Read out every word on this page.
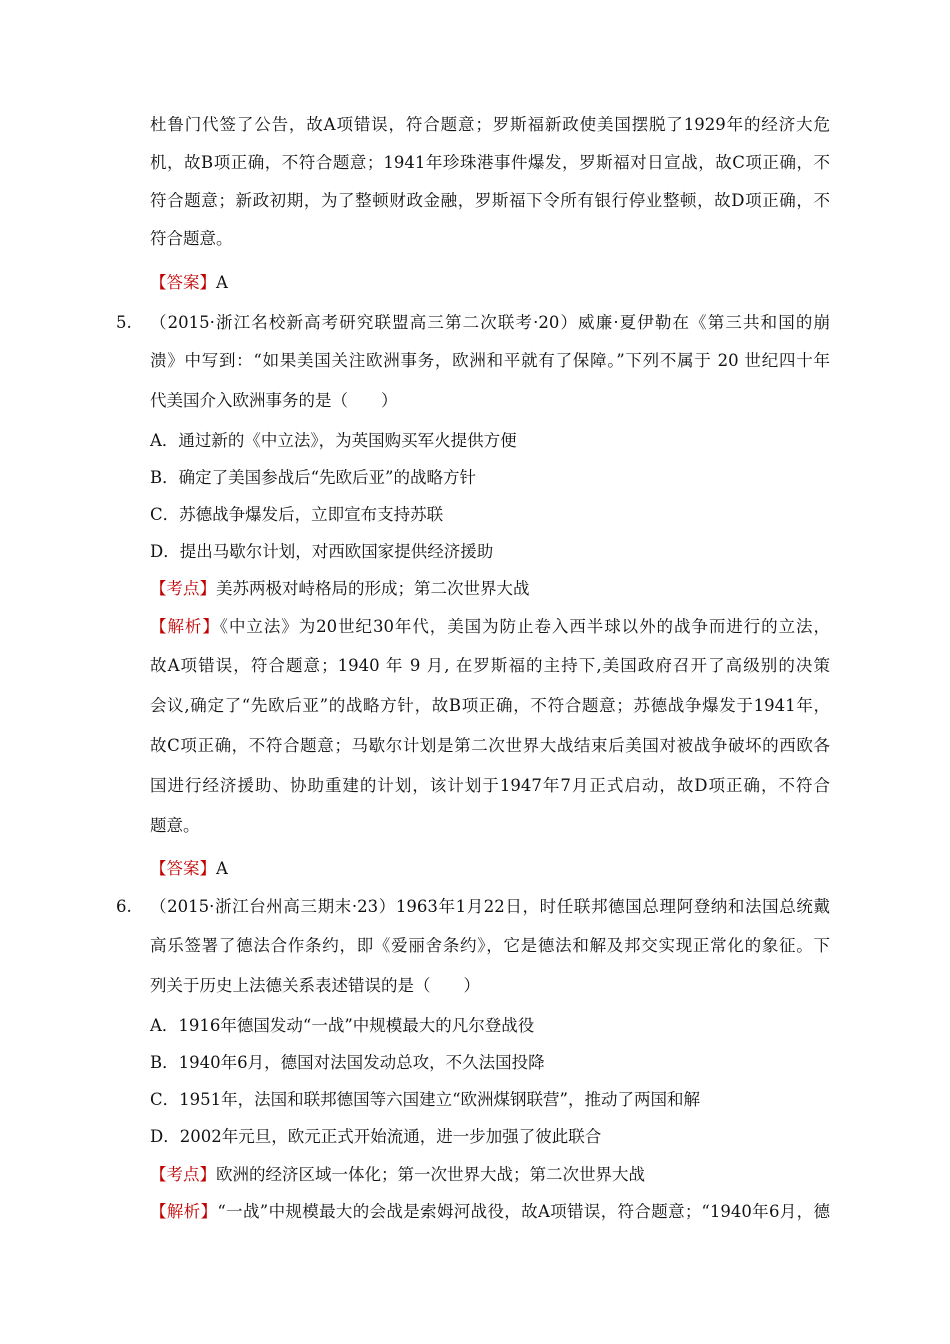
杜鲁门代签了公告，故A项错误，符合题意；罗斯福新政使美国摆脱了1929年的经济大危
机，故B项正确，不符合题意；1941年珍珠港事件爆发，罗斯福对日宣战，故C项正确，不
符合题意；新政初期，为了整顿财政金融，罗斯福下令所有银行停业整顿，故D项正确，不
符合题意。
【答案】A
5. （2015·浙江名校新高考研究联盟高三第二次联考·20）威廉·夏伊勒在《第三共和国的崩
溃》中写到：“如果美国关注欧洲事务，欧洲和平就有了保障。”下列不属于 20 世纪四十年
代美国介入欧洲事务的是（　　）
A．通过新的《中立法》，为英国购买军火提供方便
B．确定了美国参战后“先欧后亚”的战略方针
C．苏德战争爆发后，立即宣布支持苏联
D．提出马歇尔计划，对西欧国家提供经济援助
【考点】美苏两极对峙格局的形成；第二次世界大战
【解析】《中立法》为20世纪30年代，美国为防止卷入西半球以外的战争而进行的立法，
故A项错误，符合题意；1940 年 9 月, 在罗斯福的主持下,美国政府召开了高级别的决策
会议,确定了“先欧后亚”的战略方针，故B项正确，不符合题意；苏德战争爆发于1941年，
故C项正确，不符合题意；马歇尔计划是第二次世界大战结束后美国对被战争破坏的西欧各
国进行经济援助、协助重建的计划，该计划于1947年7月正式启动，故D项正确，不符合
题意。
【答案】A
6. （2015·浙江台州高三期末·23）1963年1月22日，时任联邦德国总理阿登纳和法国总统戴
高乐签署了德法合作条约，即《爱丽舍条约》，它是德法和解及邦交实现正常化的象征。下
列关于历史上法德关系表述错误的是（　　）
A．1916年德国发动“一战”中规模最大的凡尔登战役
B．1940年6月，德国对法国发动总攻，不久法国投降
C．1951年，法国和联邦德国等六国建立“欧洲煤钢联营”，推动了两国和解
D．2002年元旦，欧元正式开始流通，进一步加强了彼此联合
【考点】欧洲的经济区域一体化；第一次世界大战；第二次世界大战
【解析】“一战”中规模最大的会战是索姆河战役，故A项错误，符合题意；“1940年6月，德
